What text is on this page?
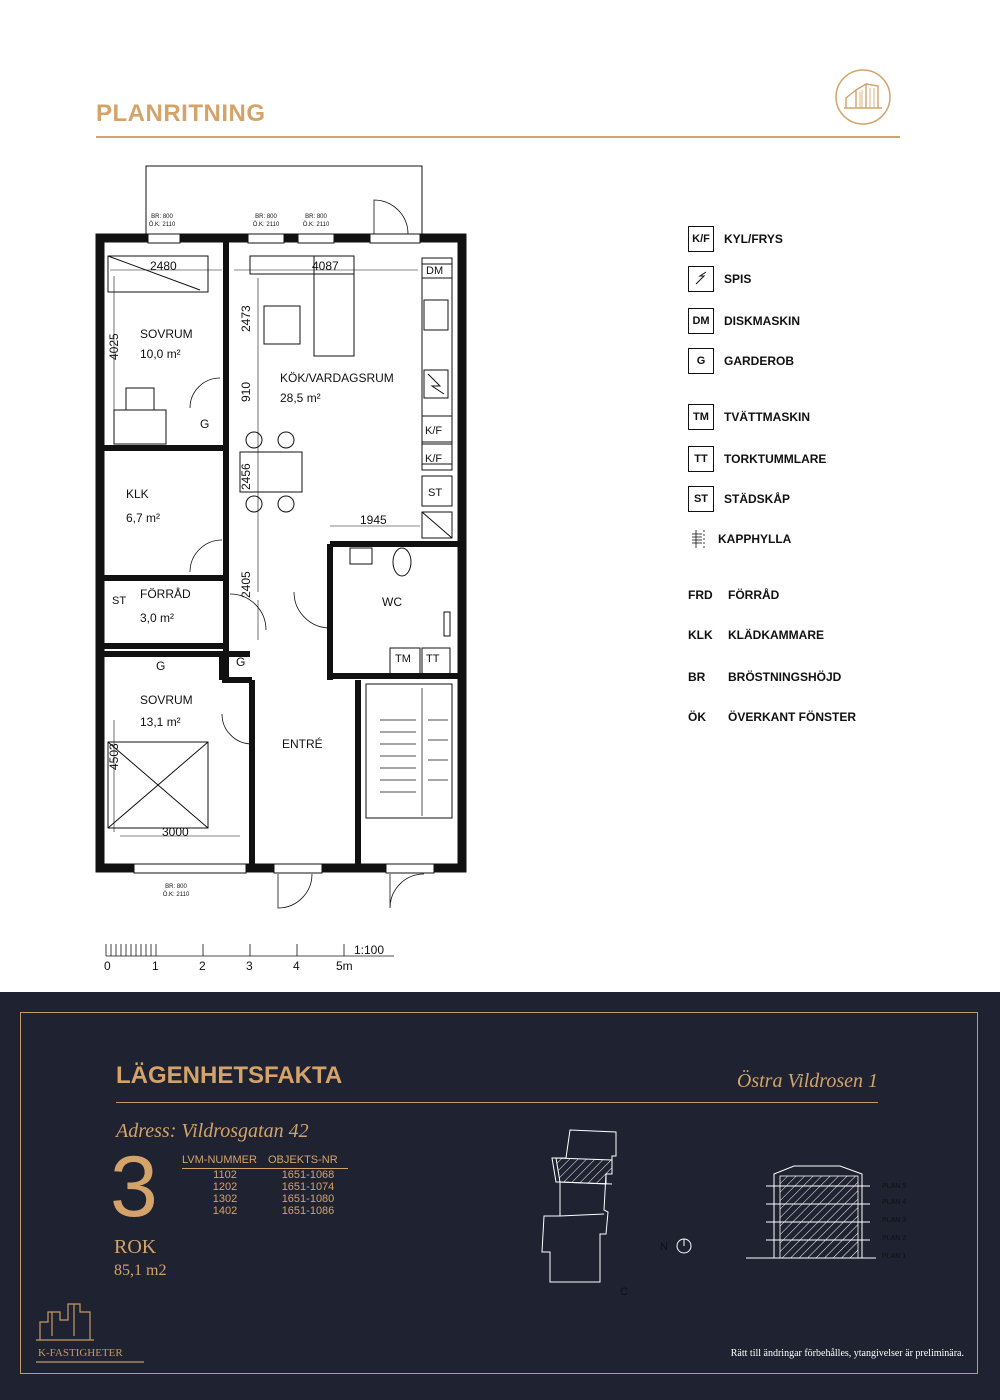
PLANRITNING
SOVRUM
10,0 m²
KÖK/VARDAGSRUM
28,5 m²
KLK
6,7 m²
FÖRRÅD
3,0 m²
SOVRUM
13,1 m²
ENTRÉ
WC
2480	4087
4025
2473
910
2456
1945
2405
4503
3000
DM
K/F
K/F
ST
G
ST
G
G	TM TT
BR: 800
Ö.K: 2110
BR: 800
Ö.K: 2110
BR: 800
Ö.K: 2110
BR: 800
Ö.K: 2110
K/F	KYL/FRYS
SPIS
DM	DISKMASKIN
G	GARDEROB
TM	TVÄTTMASKIN
TT	TORKTUMMLARE
ST	STÄDSKÅP
KAPPHYLLA
FRD	FÖRRÅD
KLK	KLÄDKAMMARE
BR	BRÖSTNINGSHÖJD
ÖK	ÖVERKANT FÖNSTER
0	1	2	3	4	5m
1:100
LÄGENHETSFAKTA	Östra Vildrosen 1
Adress: Vildrosgatan 42
3
ROK
85,1 m2
LVM-NUMMER	OBJEKTS-NR
1102	1651-1068
1202	1651-1074
1302	1651-1080
1402	1651-1086
C
N
PLAN 5
PLAN 4
PLAN 3
PLAN 2
PLAN 1
K-FASTIGHETER	Rätt till ändringar förbehålles, ytangivelser är preliminära.
